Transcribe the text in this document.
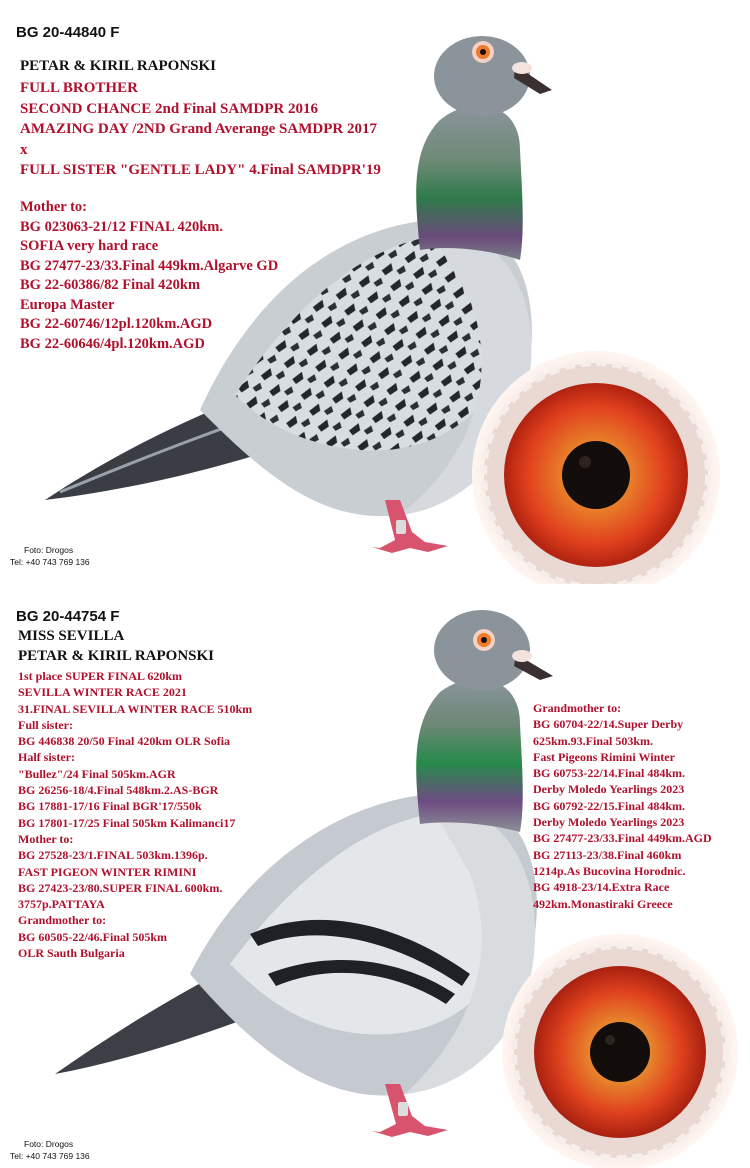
BG 20-44840 F
PETAR & KIRIL RAPONSKI
FULL BROTHER
SECOND CHANCE 2nd Final SAMDPR 2016
AMAZING DAY /2ND Grand Averange SAMDPR 2017
x
FULL SISTER "GENTLE LADY" 4.Final SAMDPR'19
Mother to:
BG 023063-21/12 FINAL 420km.
SOFIA very hard race
BG 27477-23/33.Final 449km.Algarve GD
BG 22-60386/82 Final 420km
Europa Master
BG 22-60746/12pl.120km.AGD
BG 22-60646/4pl.120km.AGD
Foto: Drogos
Tel: +40 743 769 136
BG 20-44754 F
MISS SEVILLA
PETAR & KIRIL RAPONSKI
1st place SUPER FINAL 620km
SEVILLA WINTER RACE 2021
31.FINAL SEVILLA WINTER RACE 510km
Full sister:
BG 446838 20/50 Final 420km OLR Sofia
Half sister:
"Bullez"/24 Final 505km.AGR
BG 26256-18/4.Final 548km.2.AS-BGR
BG 17881-17/16 Final BGR'17/550k
BG 17801-17/25 Final 505km Kalimanci17
Mother to:
BG 27528-23/1.FINAL 503km.1396p.
FAST PIGEON WINTER RIMINI
BG 27423-23/80.SUPER FINAL 600km.
3757p.PATTAYA
Grandmother to:
BG 60505-22/46.Final 505km
OLR Sauth Bulgaria
Grandmother to:
BG 60704-22/14.Super Derby
625km.93.Final 503km.
Fast Pigeons Rimini Winter
BG 60753-22/14.Final 484km.
Derby Moledo Yearlings 2023
BG 60792-22/15.Final 484km.
Derby Moledo Yearlings 2023
BG 27477-23/33.Final 449km.AGD
BG 27113-23/38.Final 460km
1214p.As Bucovina Horodnic.
BG 4918-23/14.Extra Race
492km.Monastiraki Greece
Foto: Drogos
Tel: +40 743 769 136
